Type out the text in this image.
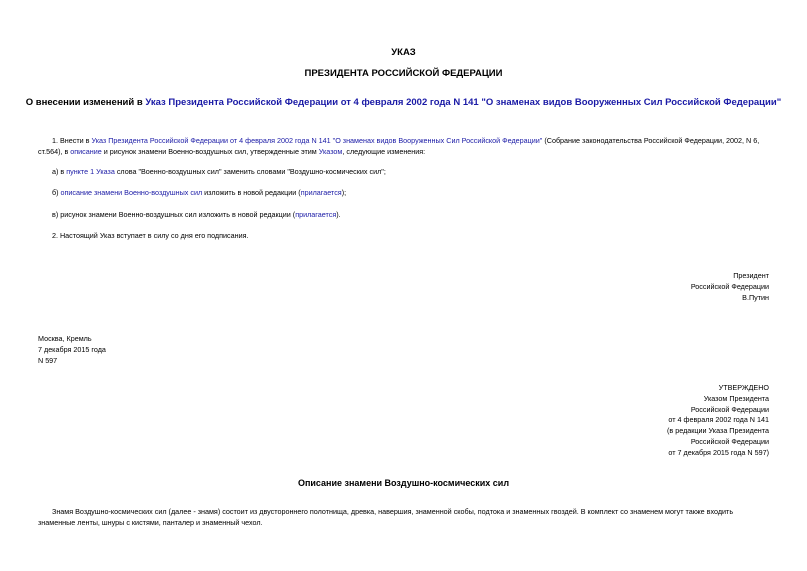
УКАЗ
ПРЕЗИДЕНТА РОССИЙСКОЙ ФЕДЕРАЦИИ
О внесении изменений в Указ Президента Российской Федерации от 4 февраля 2002 года N 141 "О знаменах видов Вооруженных Сил Российской Федерации"
1. Внести в Указ Президента Российской Федерации от 4 февраля 2002 года N 141 "О знаменах видов Вооруженных Сил Российской Федерации" (Собрание законодательства Российской Федерации, 2002, N 6, ст.564), в описание и рисунок знамени Военно-воздушных сил, утвержденные этим Указом, следующие изменения:
а) в пункте 1 Указа слова "Военно-воздушных сил" заменить словами "Воздушно-космических сил";
б) описание знамени Военно-воздушных сил изложить в новой редакции (прилагается);
в) рисунок знамени Военно-воздушных сил изложить в новой редакции (прилагается).
2. Настоящий Указ вступает в силу со дня его подписания.
Президент
Российской Федерации
В.Путин
Москва, Кремль
7 декабря 2015 года
N 597
УТВЕРЖДЕНО
Указом Президента
Российской Федерации
от 4 февраля 2002 года N 141
(в редакции Указа Президента
Российской Федерации
от 7 декабря 2015 года N 597)
Описание знамени Воздушно-космических сил
Знамя Воздушно-космических сил (далее - знамя) состоит из двустороннего полотнища, древка, навершия, знаменной скобы, подтока и знаменных гвоздей. В комплект со знаменем могут также входить знаменные ленты, шнуры с кистями, панталер и знаменный чехол.
